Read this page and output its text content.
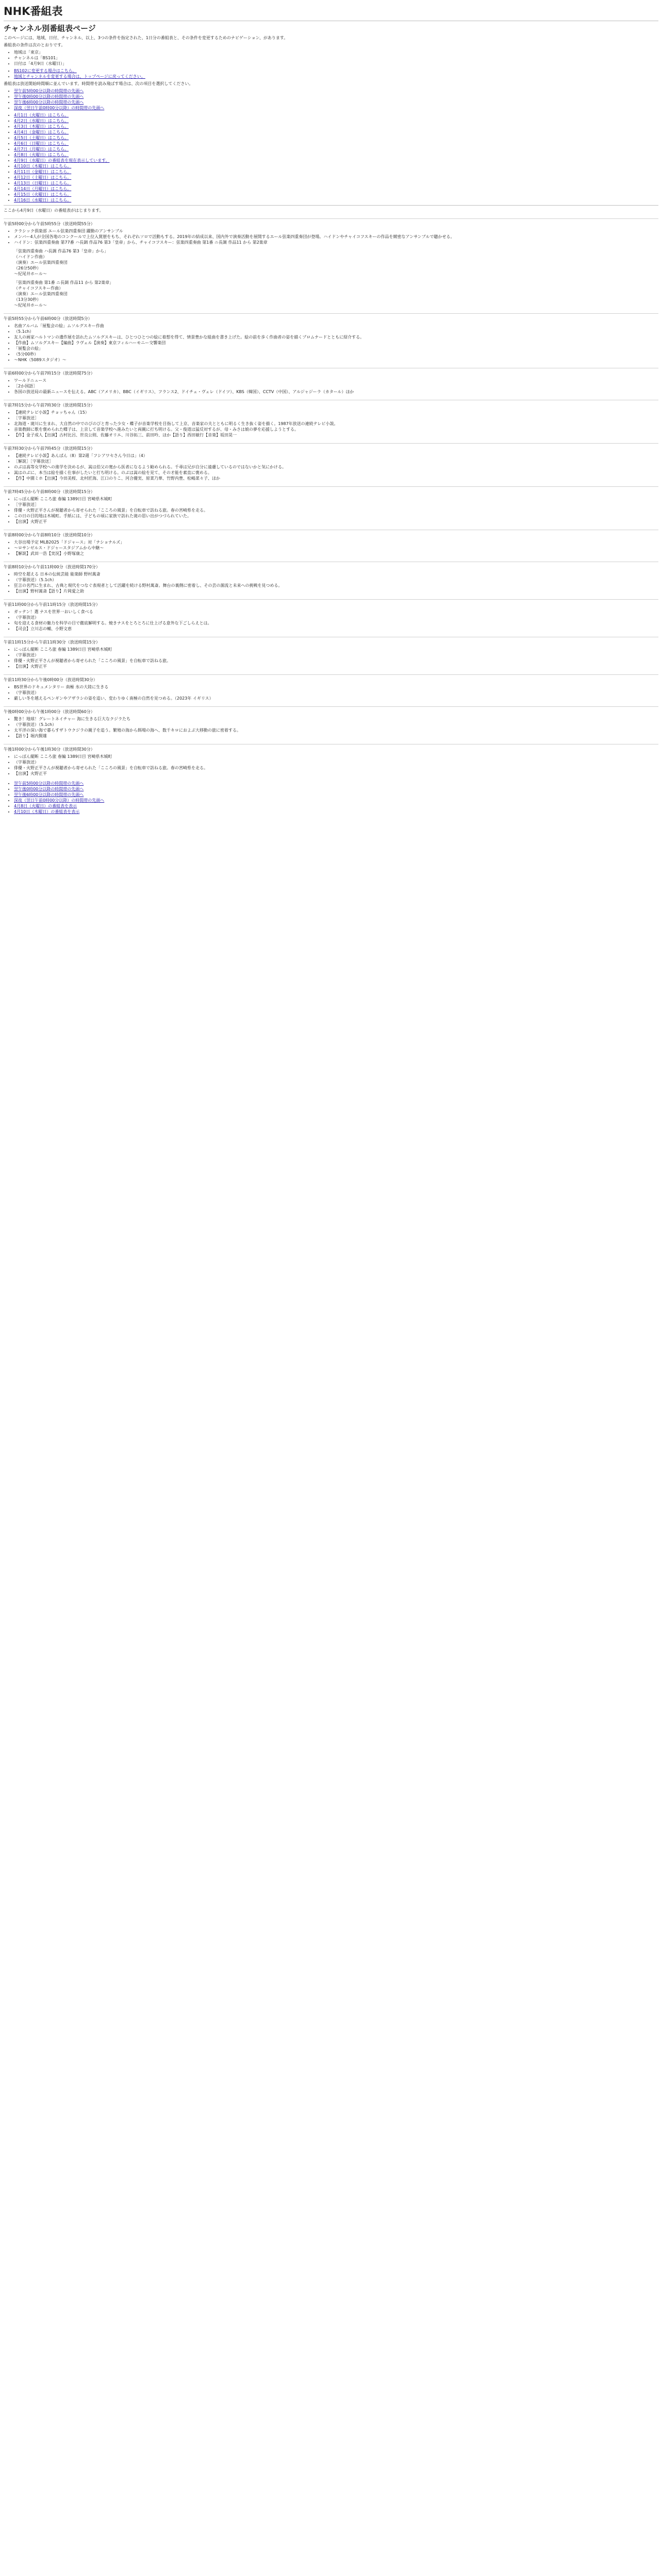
NHK番組表
チャンネル別番組表ページ

このページには、地域、日付、チャンネル、以上、3つの条件を指定された、1日分の番組表と、その条件を変更するためのナビゲーション、があります。

番組表の条件は次のとおりです。

• 地域は「東京」
• チャンネルは「BS101」
• 日付は「4月9日（水曜日）」
• BS102に変更する場合はこちら。
• 地域とチャンネルを変更する場合は、トップページに戻ってください。

番組表は放送開始時間順に並んでいます。時間帯を読み飛ばす場合は、次の項目を選択してください。

• 翌午前5時00分以降の時間帯の先頭へ
• 翌午後0時00分以降の時間帯の先頭へ
• 翌午後6時00分以降の時間帯の先頭へ
• 深夜（翌日午前0時00分以降）の時間帯の先頭へ
• 4月1日（火曜日）はこちら。
• 4月2日（水曜日）はこちら。
• 4月3日（木曜日）はこちら。
• 4月4日（金曜日）はこちら。
• 4月5日（土曜日）はこちら。
• 4月6日（日曜日）はこちら。
• 4月7日（月曜日）はこちら。
• 4月8日（火曜日）はこちら。
• 4月9日（水曜日）の番組表を現在表示しています。
• 4月10日（木曜日）はこちら。
• 4月11日（金曜日）はこちら。
• 4月12日（土曜日）はこちら。
• 4月13日（日曜日）はこちら。
• 4月14日（月曜日）はこちら。
• 4月15日（火曜日）はこちら。
• 4月16日（水曜日）はこちら。

ここから4月9日（水曜日）の番組表がはじまります。

午前5時00分から午前5時55分（放送時間55分）

• クラシック倶楽部 エール弦楽四重奏団 躍動のアンサンブル
• メンバー4人が全国各地のコンクールで上位入賞歴をもち、それぞれソロで活動もする。2019年の結成以来、国内外で演奏活動を展開するエール弦楽四重奏団が登場。ハイドンやチャイコフスキーの作品を緻密なアンサンブルで聴かせる。
• ハイドン：弦楽四重奏曲 第77番 ハ長調 作品76 第3「皇帝」から、チャイコフスキー：弦楽四重奏曲 第1番 ニ長調 作品11 から 第2楽章

「弦楽四重奏曲 ハ長調 作品76 第3「皇帝」から」

（ハイドン作曲）

（演奏）エール弦楽四重奏団

（26分50秒）

～紀尾井ホール～

「弦楽四重奏曲 第1番 ニ長調 作品11 から 第2楽章」

（チャイコフスキー作曲）

（演奏）エール弦楽四重奏団

（13分30秒）

～紀尾井ホール～

午前5時55分から午前6時00分（放送時間5分）

• 名曲アルバム「展覧会の絵」ムソルグスキー作曲
• （5.1ch）
• 友人の画家ハルトマンの遺作展を訪れたムソルグスキーは、ひとつひとつの絵に着想を得て、情景豊かな組曲を書き上げた。絵の前を歩く作曲者の姿を描くプロムナードとともに紹介する。
• 【作曲】ムソルグスキー【編曲】ラヴェル【演奏】東京フィルハーモニー交響楽団
• 「展覧会の絵」
• （5分00秒）
• ～NHK（5089スタジオ）～

午前6時00分から午前7時15分（放送時間75分）

• ワールドニュース
• ［2か国語］
• 各国の放送局の最新ニュースを伝える。ABC（アメリカ）、BBC（イギリス）、フランス2、ドイチェ・ヴェレ（ドイツ）、KBS（韓国）、CCTV（中国）、アルジャジーラ（カタール）ほか

午前7時15分から午前7時30分（放送時間15分）

• 【連続テレビ小説】チョッちゃん（15）
• ［字幕放送］
• 北海道・滝川に生まれ、大自然の中でのびのびと育った少女・蝶子が音楽学校を目指して上京、音楽家の夫とともに明るく生き抜く姿を描く。1987年放送の連続テレビ小説。
• 音楽教師に歌を褒められた蝶子は、上京して音楽学校へ進みたいと両親に打ち明ける。父・俊道は猛反対するが、母・みさは娘の夢を応援しようとする。
• 【作】金子成人【出演】古村比呂、世良公則、佐藤オリエ、川谷拓三、前田吟、ほか【語り】西田敏行【音楽】坂田晃一

午前7時30分から午前7時45分（放送時間15分）

• 【連続テレビ小説】あんぱん（8）第2週「フシアワセさん今日は」（4）
• ［解説］［字幕放送］
• のぶは高等女学校への進学を決めるが、嵩は伯父の寛から医者になるよう勧められる。千尋は兄が自分に遠慮しているのではないかと気にかける。
• 嵩はのぶに、本当は絵を描く仕事がしたいと打ち明ける。のぶは嵩の絵を見て、その才能を素直に褒める。
• 【作】中園ミホ【出演】今田美桜、北村匠海、江口のりこ、河合優実、原菜乃華、竹野内豊、松嶋菜々子、ほか

午前7時45分から午前8時00分（放送時間15分）

• にっぽん縦断 こころ旅 春編 1389日目 宮崎県木城町
• ［字幕放送］
• 俳優・火野正平さんが視聴者から寄せられた「こころの風景」を自転車で訪ねる旅。春の宮崎県を走る。
• この日の目的地は木城町。手紙には、子どもの頃に家族で訪れた滝の思い出がつづられていた。
• 【出演】火野正平

午前8時00分から午前8時10分（放送時間10分）

• 大谷出場予定 MLB2025「ドジャース」対「ナショナルズ」
• ～ロサンゼルス・ドジャースタジアムから中継～
• 【解説】武田一浩【実況】小野塚康之

午前8時10分から午前11時00分（放送時間170分）

• 時空を超える 日本の伝統芸能 能楽師 野村萬斎
• （字幕放送）（5.1ch）
• 狂言の名門に生まれ、古典と現代をつなぐ表現者として活躍を続ける野村萬斎。舞台の裏側に密着し、その芸の源流と未来への挑戦を見つめる。
• 【出演】野村萬斎【語り】片岡愛之助

午前11時00分から午前11時15分（放送時間15分）

• ガッテン！選 ナスを世界一おいしく食べる
• （字幕放送）
• 旬を迎える食材の魅力を科学の目で徹底解明する。焼きナスをとろとろに仕上げる意外な下ごしらえとは。
• 【司会】立川志の輔、小野文恵

午前11時15分から午前11時30分（放送時間15分）

• にっぽん縦断 こころ旅 春編 1389日目 宮崎県木城町
• （字幕放送）
• 俳優・火野正平さんが視聴者から寄せられた「こころの風景」を自転車で訪ねる旅。
• 【出演】火野正平

午前11時30分から午後0時00分（放送時間30分）

• BS世界のドキュメンタリー 南極 氷の大陸に生きる
• （字幕放送）
• 厳しい冬を越えるペンギンやアザラシの姿を追い、変わりゆく南極の自然を見つめる。（2023年 イギリス）

午後0時00分から午後1時00分（放送時間60分）

• 驚き！地球！グレートネイチャー 海に生きる巨大なクジラたち
• （字幕放送）（5.1ch）
• 太平洋の深い海で暮らすザトウクジラの親子を追う。繁殖の海から餌場の海へ、数千キロにおよぶ大移動の旅に密着する。
• 【語り】堀内賢雄

午後1時00分から午後1時30分（放送時間30分）

• にっぽん縦断 こころ旅 春編 1389日目 宮崎県木城町
• （字幕放送）
• 俳優・火野正平さんが視聴者から寄せられた「こころの風景」を自転車で訪ねる旅。春の宮崎県を走る。
• 【出演】火野正平
• 翌午前5時00分以降の時間帯の先頭へ
• 翌午後0時00分以降の時間帯の先頭へ
• 翌午後6時00分以降の時間帯の先頭へ
• 深夜（翌日午前0時00分以降）の時間帯の先頭へ
• 4月8日（火曜日）の番組表を表示
• 4月10日（木曜日）の番組表を表示
